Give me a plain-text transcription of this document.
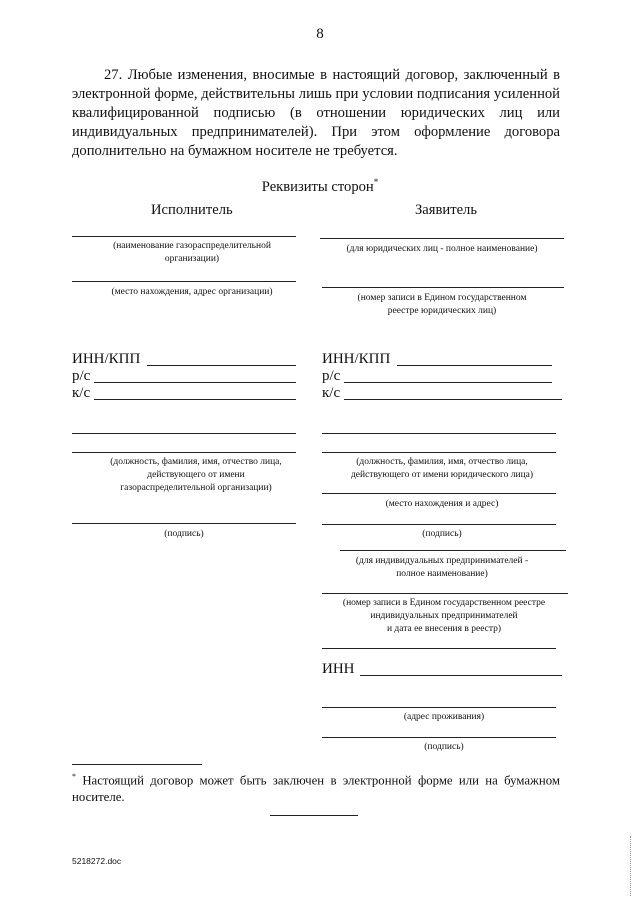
8

27. Любые изменения, вносимые в настоящий договор, заключенный в электронной форме, действительны лишь при условии подписания усиленной квалифицированной подписью (в отношении юридических лиц или индивидуальных предпринимателей). При этом оформление договора дополнительно на бумажном носителе не требуется.

Реквизиты сторон*
Исполнитель	Заявитель
(наименование газораспределительной
организации)
(место нахождения, адрес организации)
ИНН/КПП
р/с
к/с
(должность, фамилия, имя, отчество лица,
действующего от имени
газораспределительной организации)
(подпись)
(для юридических лиц - полное наименование)
(номер записи в Едином государственном
реестре юридических лиц)
ИНН/КПП
р/с
к/с
(должность, фамилия, имя, отчество лица,
действующего от имени юридического лица)
(место нахождения и адрес)
(подпись)
(для индивидуальных предпринимателей -
полное наименование)
(номер записи в Едином государственном реестре
индивидуальных предпринимателей
и дата ее внесения в реестр)
ИНН
(адрес проживания)
(подпись)
* Настоящий договор может быть заключен в электронной форме или на бумажном носителе.
5218272.doc
